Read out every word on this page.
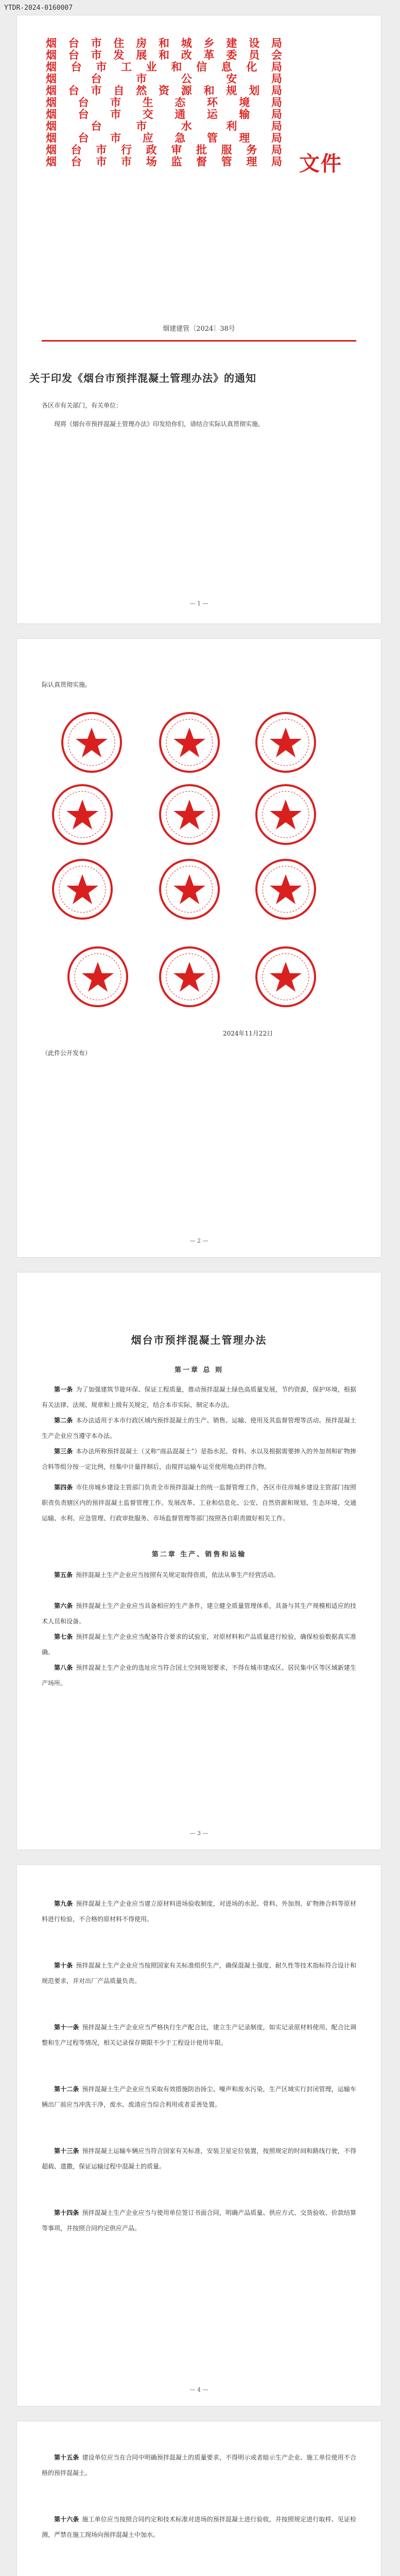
YTDR-2024-0160007
烟台市住房和城乡建设局
烟台市发展和改革委员会
烟台市工业和信息化局
烟 台 市 公 安 局
烟台市自然资源和规划局
烟台市生态环境局
烟台市交通运输局
烟 台 市 水 利 局
烟台市应急管理局
烟台市行政审批服务局
烟台市市场监督管理局 文件
烟建建管〔2024〕38号
关于印发《烟台市预拌混凝土管理办法》的通知
各区市有关部门，有关单位：
现将《烟台市预拌混凝土管理办法》印发给你们，请结合实际认真贯彻实施。
— 1 —
际认真贯彻实施。
2024年11月22日
（此件公开发布）
— 2 —
烟台市预拌混凝土管理办法
第一章 总 则
第一条 为了加强建筑节能环保、保证工程质量，推动预拌混凝土绿色高质量发展，节约资源，保护环境，根据有关法律、法规、规章和上级有关规定，结合本市实际，制定本办法。
第二条 本办法适用于本市行政区域内预拌混凝土的生产、销售、运输、使用及其监督管理等活动。预拌混凝土生产企业应当遵守本办法。
第三条 本办法所称预拌混凝土（又称“商品混凝土”）是指水泥、骨料、水以及根据需要掺入的外加剂和矿物掺合料等组分按一定比例，经集中计量拌制后，由搅拌运输车运至使用地点的拌合物。
第四条 市住房城乡建设主管部门负责全市预拌混凝土的统一监督管理工作，各区市住房城乡建设主管部门按照职责负责辖区内的预拌混凝土监督管理工作。发展改革、工业和信息化、公安、自然资源和规划、生态环境、交通运输、水利、应急管理、行政审批服务、市场监督管理等部门按照各自职责做好相关工作。
第五条 预拌混凝土生产企业应当按照有关规定取得资质，依法从事生产经营活动。
第六条 预拌混凝土生产企业应当具备相应的生产条件，建立健全质量管理体系，具备与其生产规模相适应的技术人员和设备。
第七条 预拌混凝土生产企业应当配备符合要求的试验室，对原材料和产品质量进行检验，确保检验数据真实准确。
第八条 预拌混凝土生产企业的选址应当符合国土空间规划要求，不得在城市建成区、居民集中区等区域新建生产场所。
第二章 生产、销售和运输
— 3 —
第九条 预拌混凝土生产企业应当建立原材料进场验收制度，对进场的水泥、骨料、外加剂、矿物掺合料等原材料进行检验，不合格的原材料不得使用。
第十条 预拌混凝土生产企业应当按照国家有关标准组织生产，确保混凝土强度、耐久性等技术指标符合设计和规范要求，并对出厂产品质量负责。
第十一条 预拌混凝土生产企业应当严格执行生产配合比，建立生产记录制度，如实记录原材料使用、配合比调整和生产过程等情况，相关记录保存期限不少于工程设计使用年限。
第十二条 预拌混凝土生产企业应当采取有效措施防治扬尘、噪声和废水污染，生产区域实行封闭管理，运输车辆出厂前应当冲洗干净，废水、废渣应当综合利用或者妥善处置。
第十三条 预拌混凝土运输车辆应当符合国家有关标准，安装卫星定位装置，按照规定的时间和路线行驶，不得超载、遗撒，保证运输过程中混凝土的质量。
第十四条 预拌混凝土生产企业应当与使用单位签订书面合同，明确产品质量、供应方式、交货验收、价款结算等事项，并按照合同约定供应产品。
— 4 —
第十五条 建设单位应当在合同中明确预拌混凝土的质量要求，不得明示或者暗示生产企业、施工单位使用不合格的预拌混凝土。
第十六条 施工单位应当按照合同约定和技术标准对进场的预拌混凝土进行验收，并按照规定进行取样、见证检测，严禁在施工现场向预拌混凝土中加水。
